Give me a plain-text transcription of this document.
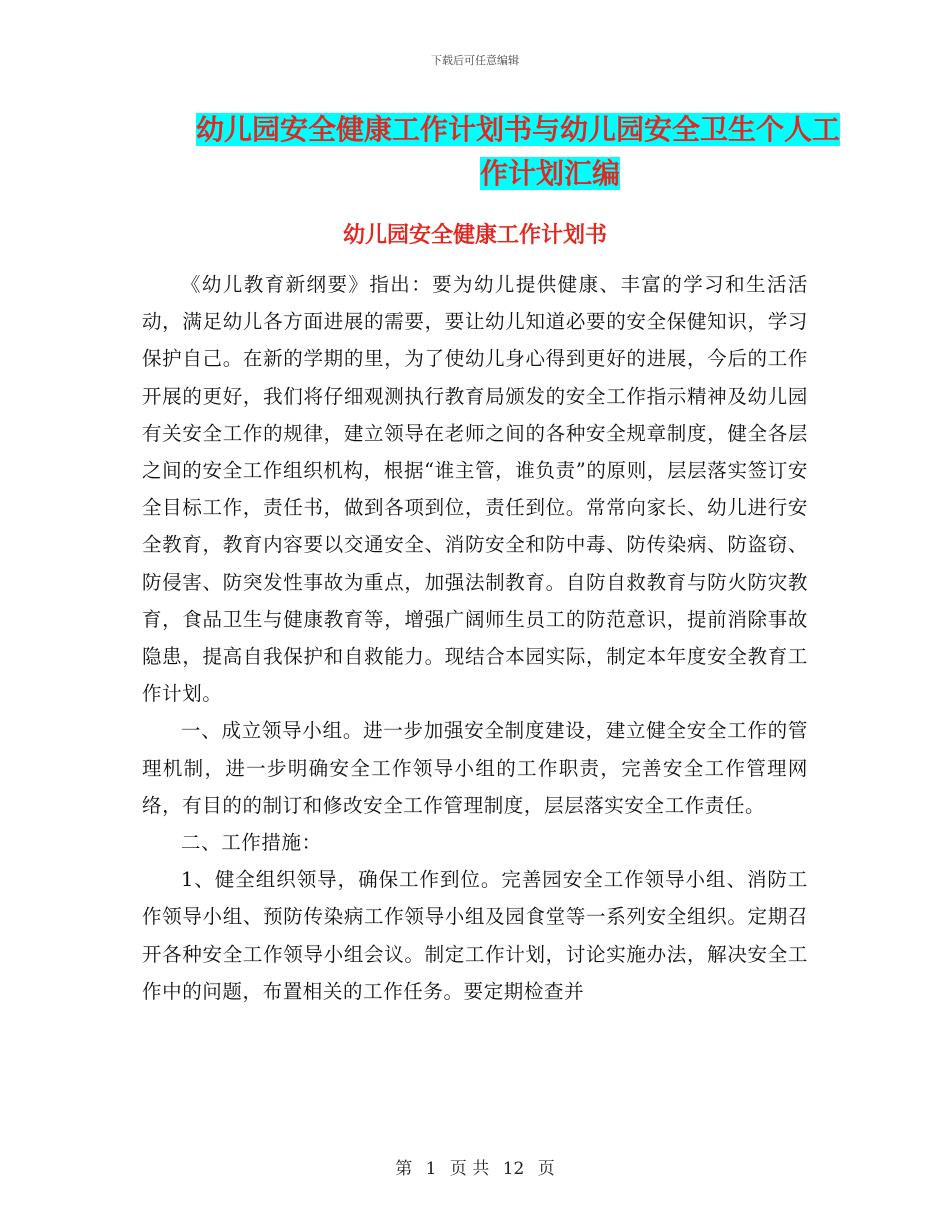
下载后可任意编辑
幼儿园安全健康工作计划书与幼儿园安全卫生个人工
作计划汇编
幼儿园安全健康工作计划书

《幼儿教育新纲要》指出：要为幼儿提供健康、丰富的学习和生活活动，满足幼儿各方面进展的需要，要让幼儿知道必要的安全保健知识，学习保护自己。在新的学期的里，为了使幼儿身心得到更好的进展，今后的工作开展的更好，我们将仔细观测执行教育局颁发的安全工作指示精神及幼儿园有关安全工作的规律，建立领导在老师之间的各种安全规章制度，健全各层之间的安全工作组织机构，根据“谁主管，谁负责”的原则，层层落实签订安全目标工作，责任书，做到各项到位，责任到位。常常向家长、幼儿进行安全教育，教育内容要以交通安全、消防安全和防中毒、防传染病、防盗窃、防侵害、防突发性事故为重点，加强法制教育。自防自救教育与防火防灾教育，食品卫生与健康教育等，增强广阔师生员工的防范意识，提前消除事故隐患，提高自我保护和自救能力。现结合本园实际，制定本年度安全教育工作计划。

一、成立领导小组。进一步加强安全制度建设，建立健全安全工作的管理机制，进一步明确安全工作领导小组的工作职责，完善安全工作管理网络，有目的的制订和修改安全工作管理制度，层层落实安全工作责任。

二、工作措施：

1、健全组织领导，确保工作到位。完善园安全工作领导小组、消防工作领导小组、预防传染病工作领导小组及园食堂等一系列安全组织。定期召开各种安全工作领导小组会议。制定工作计划，讨论实施办法，解决安全工作中的问题，布置相关的工作任务。要定期检查并

第 1 页 共 12 页
